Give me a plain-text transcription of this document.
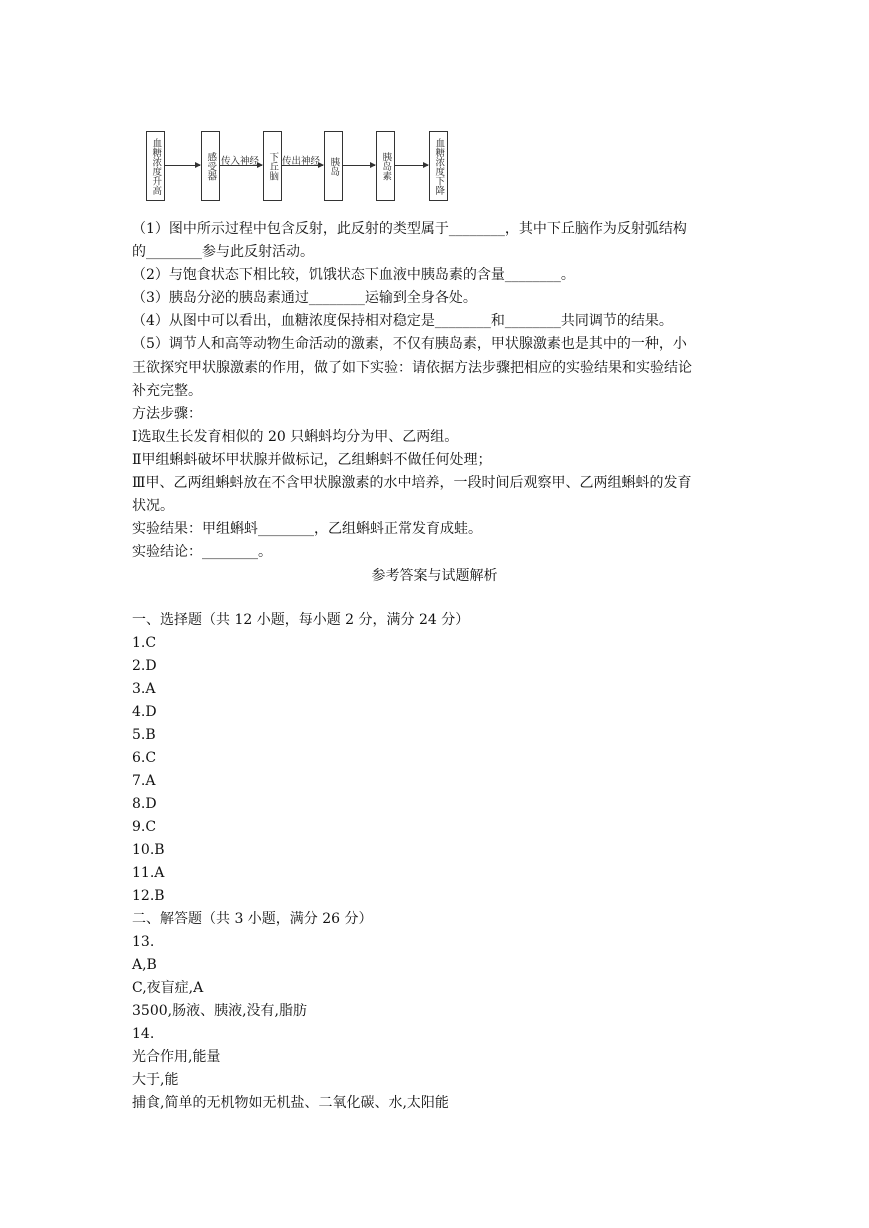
血糖浓度升高	感受器 传入神经 下丘脑 传出神经 胰岛	胰岛素	血糖浓度下降
（1）图中所示过程中包含反射，此反射的类型属于________，其中下丘脑作为反射弧结构
的________参与此反射活动。
（2）与饱食状态下相比较，饥饿状态下血液中胰岛素的含量________。
（3）胰岛分泌的胰岛素通过________运输到全身各处。
（4）从图中可以看出，血糖浓度保持相对稳定是________和________共同调节的结果。
（5）调节人和高等动物生命活动的激素，不仅有胰岛素，甲状腺激素也是其中的一种，小
王欲探究甲状腺激素的作用，做了如下实验：请依据方法步骤把相应的实验结果和实验结论
补充完整。
方法步骤：
Ⅰ选取生长发育相似的 20 只蝌蚪均分为甲、乙两组。
Ⅱ甲组蝌蚪破坏甲状腺并做标记，乙组蝌蚪不做任何处理；
Ⅲ甲、乙两组蝌蚪放在不含甲状腺激素的水中培养，一段时间后观察甲、乙两组蝌蚪的发育
状况。
实验结果：甲组蝌蚪________，乙组蝌蚪正常发育成蛙。
实验结论：________。
参考答案与试题解析
一、选择题（共 12 小题，每小题 2 分，满分 24 分）
1.C
2.D
3.A
4.D
5.B
6.C
7.A
8.D
9.C
10.B
11.A
12.B
二、解答题（共 3 小题，满分 26 分）
13.
A,B
C,夜盲症,A
3500,肠液、胰液,没有,脂肪
14.
光合作用,能量
大于,能
捕食,简单的无机物如无机盐、二氧化碳、水,太阳能
